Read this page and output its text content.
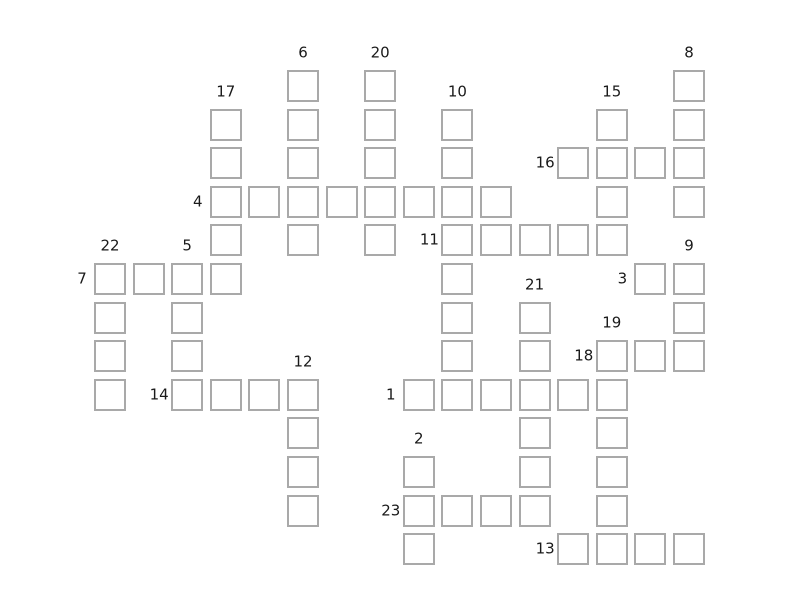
1
2
3
4
5
6
7
8
9
10
11
12
13
14
15
16
17
18
19
20
21
22
23
